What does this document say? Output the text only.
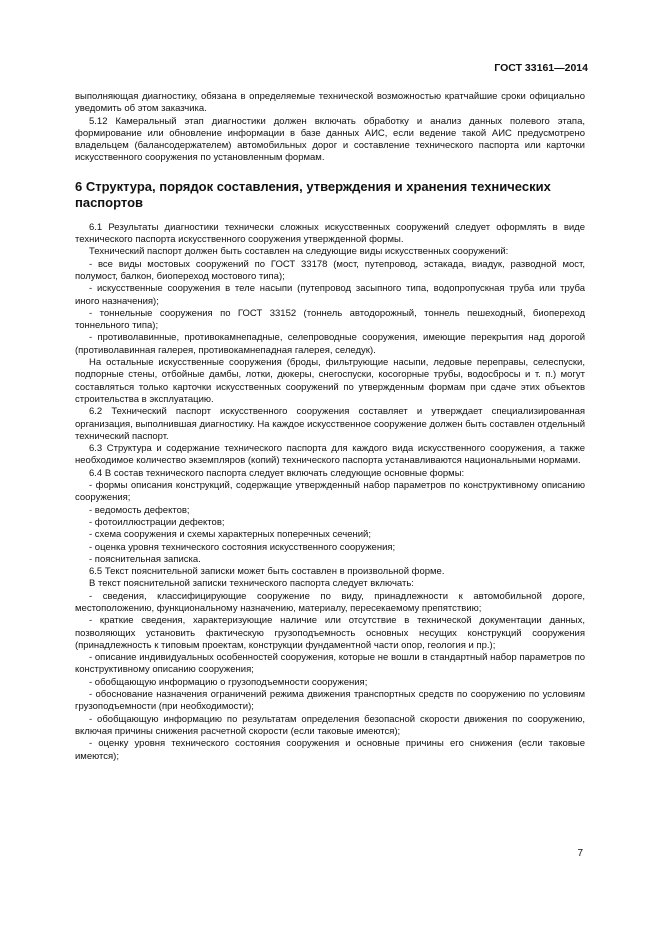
ГОСТ 33161—2014

выполняющая диагностику, обязана в определяемые технической возможностью кратчайшие сроки официально уведомить об этом заказчика.

5.12 Камеральный этап диагностики должен включать обработку и анализ данных полевого этапа, формирование или обновление информации в базе данных АИС, если ведение такой АИС предусмотрено владельцем (балансодержателем) автомобильных дорог и составление технического паспорта или карточки искусственного сооружения по установленным формам.

6 Структура, порядок составления, утверждения и хранения технических паспортов

6.1 Результаты диагностики технически сложных искусственных сооружений следует оформлять в виде технического паспорта искусственного сооружения утвержденной формы.

Технический паспорт должен быть составлен на следующие виды искусственных сооружений:

- все виды мостовых сооружений по ГОСТ 33178 (мост, путепровод, эстакада, виадук, разводной мост, полумост, балкон, биопереход мостового типа);

- искусственные сооружения в теле насыпи (путепровод засыпного типа, водопропускная труба или труба иного назначения);

- тоннельные сооружения по ГОСТ 33152 (тоннель автодорожный, тоннель пешеходный, биопереход тоннельного типа);

- противолавинные, противокамнепадные, селепроводные сооружения, имеющие перекрытия над дорогой (противолавинная галерея, противокамнепадная галерея, селедук).

На остальные искусственные сооружения (броды, фильтрующие насыпи, ледовые переправы, селеспуски, подпорные стены, отбойные дамбы, лотки, дюкеры, снегоспуски, косогорные трубы, водосбросы и т. п.) могут составляться только карточки искусственных сооружений по утвержденным формам при сдаче этих объектов строительства в эксплуатацию.

6.2 Технический паспорт искусственного сооружения составляет и утверждает специализированная организация, выполнившая диагностику. На каждое искусственное сооружение должен быть составлен отдельный технический паспорт.

6.3 Структура и содержание технического паспорта для каждого вида искусственного сооружения, а также необходимое количество экземпляров (копий) технического паспорта устанавливаются национальными нормами.

6.4 В состав технического паспорта следует включать следующие основные формы:

- формы описания конструкций, содержащие утвержденный набор параметров по конструктивному описанию сооружения;

- ведомость дефектов;

- фотоиллюстрации дефектов;

- схема сооружения и схемы характерных поперечных сечений;

- оценка уровня технического состояния искусственного сооружения;

- пояснительная записка.

6.5 Текст пояснительной записки может быть составлен в произвольной форме.

В текст пояснительной записки технического паспорта следует включать:

- сведения, классифицирующие сооружение по виду, принадлежности к автомобильной дороге, местоположению, функциональному назначению, материалу, пересекаемому препятствию;

- краткие сведения, характеризующие наличие или отсутствие в технической документации данных, позволяющих установить фактическую грузоподъемность основных несущих конструкций сооружения (принадлежность к типовым проектам, конструкции фундаментной части опор, геология и пр.);

- описание индивидуальных особенностей сооружения, которые не вошли в стандартный набор параметров по конструктивному описанию сооружения;

- обобщающую информацию о грузоподъемности сооружения;

- обоснование назначения ограничений режима движения транспортных средств по сооружению по условиям грузоподъемности (при необходимости);

- обобщающую информацию по результатам определения безопасной скорости движения по сооружению, включая причины снижения расчетной скорости (если таковые имеются);

- оценку уровня технического состояния сооружения и основные причины его снижения (если таковые имеются);

7
